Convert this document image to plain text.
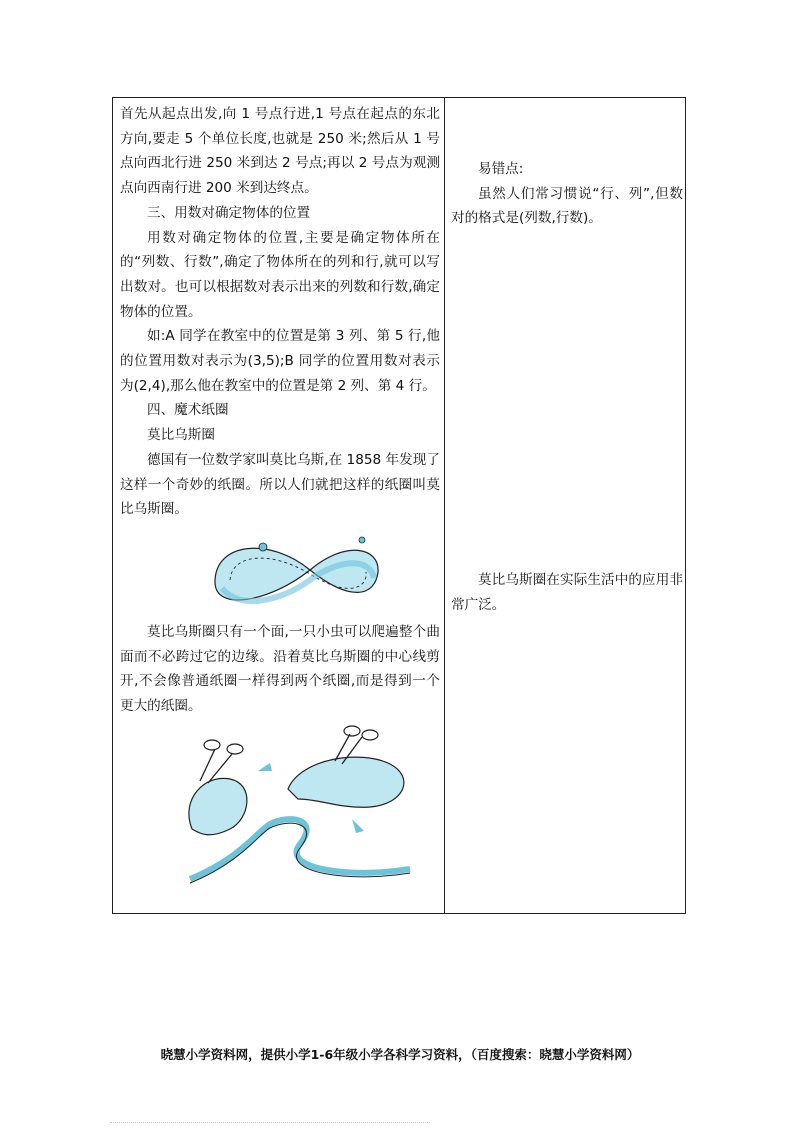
首先从起点出发,向 1 号点行进,1 号点在起点的东北方向,要走 5 个单位长度,也就是 250 米;然后从 1 号点向西北行进 250 米到达 2 号点;再以 2 号点为观测点向西南行进 200 米到达终点。

三、用数对确定物体的位置

用数对确定物体的位置,主要是确定物体所在的“列数、行数”,确定了物体所在的列和行,就可以写出数对。也可以根据数对表示出来的列数和行数,确定物体的位置。

如:A 同学在教室中的位置是第 3 列、第 5 行,他的位置用数对表示为(3,5);B 同学的位置用数对表示为(2,4),那么他在教室中的位置是第 2 列、第 4 行。

四、魔术纸圈

莫比乌斯圈

德国有一位数学家叫莫比乌斯,在 1858 年发现了这样一个奇妙的纸圈。所以人们就把这样的纸圈叫莫比乌斯圈。

莫比乌斯圈只有一个面,一只小虫可以爬遍整个曲面而不必跨过它的边缘。沿着莫比乌斯圈的中心线剪开,不会像普通纸圈一样得到两个纸圈,而是得到一个更大的纸圈。

易错点:

虽然人们常习惯说“行、列”,但数对的格式是(列数,行数)。

莫比乌斯圈在实际生活中的应用非常广泛。

晓慧小学资料网，提供小学1-6年级小学各科学习资料，（百度搜索：晓慧小学资料网）
